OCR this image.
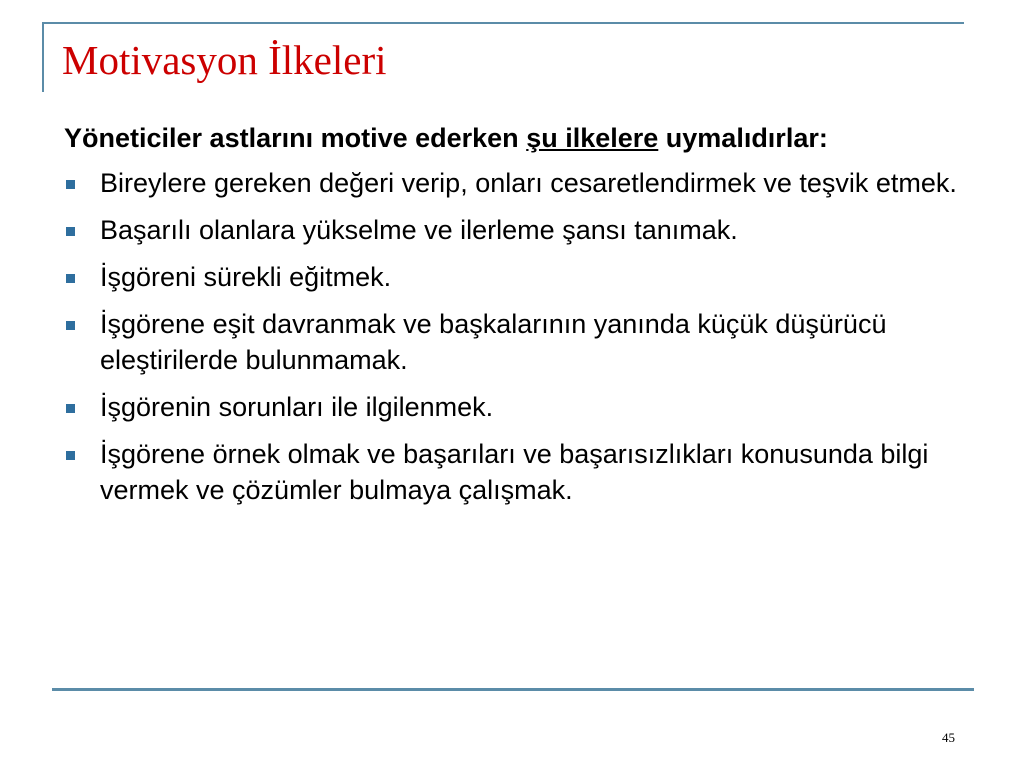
Motivasyon İlkeleri

Yöneticiler astlarını motive ederken şu ilkelere uymalıdırlar:

Bireylere gereken değeri verip, onları cesaretlendirmek ve teşvik etmek.
Başarılı olanlara yükselme ve ilerleme şansı tanımak.
İşgöreni sürekli eğitmek.
İşgörene eşit davranmak ve başkalarının yanında küçük düşürücü eleştirilerde bulunmamak.
İşgörenin sorunları ile ilgilenmek.
İşgörene örnek olmak ve başarıları ve başarısızlıkları konusunda bilgi vermek ve çözümler bulmaya çalışmak.
45
